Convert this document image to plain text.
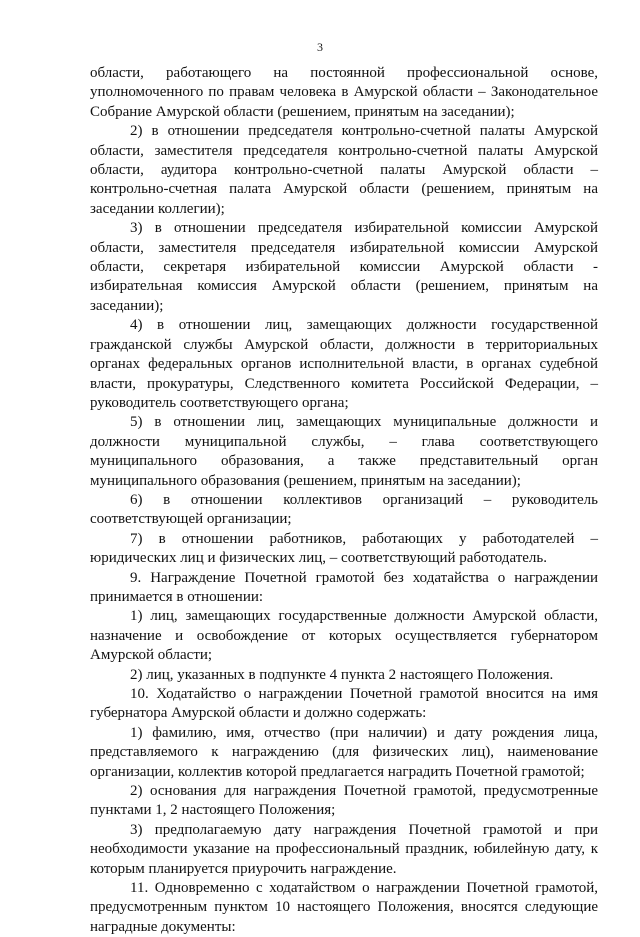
3

области, работающего на постоянной профессиональной основе, уполномоченного по правам человека в Амурской области – Законодательное Собрание Амурской области (решением, принятым на заседании);

2) в отношении председателя контрольно-счетной палаты Амурской области, заместителя председателя контрольно-счетной палаты Амурской области, аудитора контрольно-счетной палаты Амурской области – контрольно-счетная палата Амурской области (решением, принятым на заседании коллегии);

3) в отношении председателя избирательной комиссии Амурской области, заместителя председателя избирательной комиссии Амурской области, секретаря избирательной комиссии Амурской области - избирательная комиссия Амурской области (решением, принятым на заседании);

4) в отношении лиц, замещающих должности государственной гражданской службы Амурской области, должности в территориальных органах федеральных органов исполнительной власти, в органах судебной власти, прокуратуры, Следственного комитета Российской Федерации, – руководитель соответствующего органа;

5) в отношении лиц, замещающих муниципальные должности и должности муниципальной службы, – глава соответствующего муниципального образования, а также представительный орган муниципального образования (решением, принятым на заседании);

6) в отношении коллективов организаций – руководитель соответствующей организации;

7) в отношении работников, работающих у работодателей – юридических лиц и физических лиц, – соответствующий работодатель.

9. Награждение Почетной грамотой без ходатайства о награждении принимается в отношении:

1) лиц, замещающих государственные должности Амурской области, назначение и освобождение от которых осуществляется губернатором Амурской области;

2) лиц, указанных в подпункте 4 пункта 2 настоящего Положения.

10. Ходатайство о награждении Почетной грамотой вносится на имя губернатора Амурской области и должно содержать:

1) фамилию, имя, отчество (при наличии) и дату рождения лица, представляемого к награждению (для физических лиц), наименование организации, коллектив которой предлагается наградить Почетной грамотой;

2) основания для награждения Почетной грамотой, предусмотренные пунктами 1, 2 настоящего Положения;

3) предполагаемую дату награждения Почетной грамотой и при необходимости указание на профессиональный праздник, юбилейную дату, к которым планируется приурочить награждение.

11. Одновременно с ходатайством о награждении Почетной грамотой, предусмотренным пунктом 10 настоящего Положения, вносятся следующие наградные документы:
